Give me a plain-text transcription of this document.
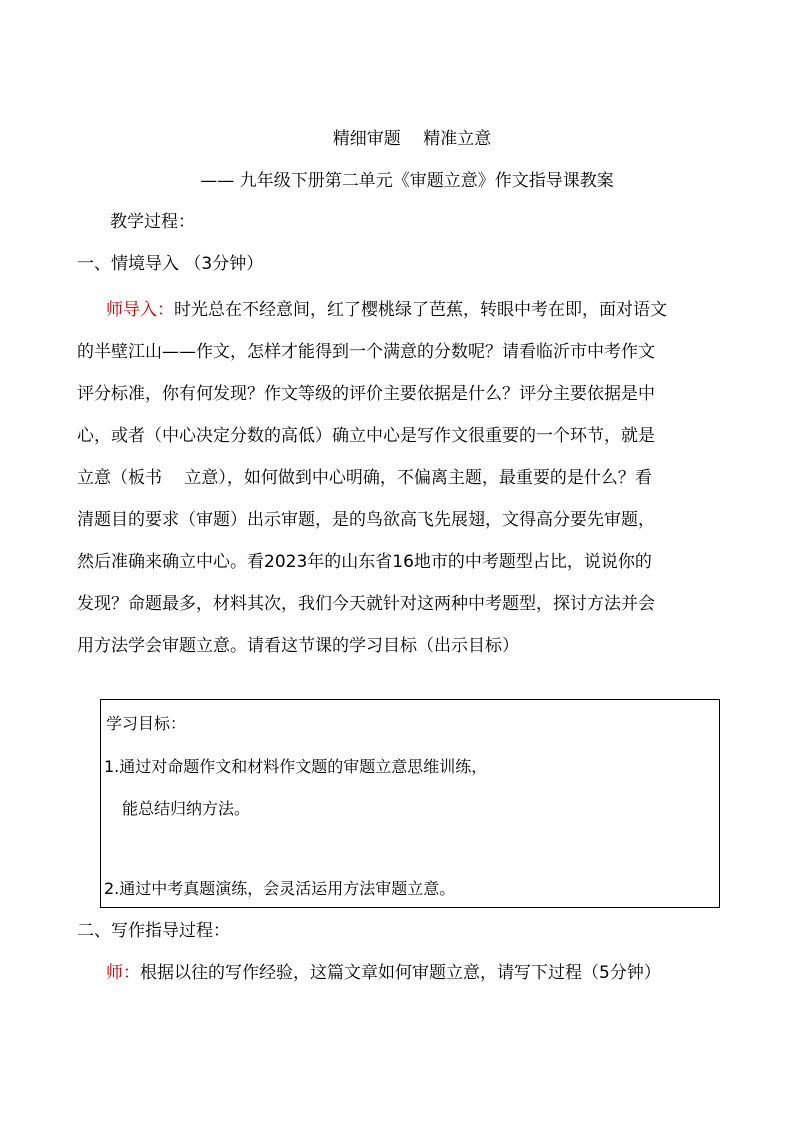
精细审题　 精准立意
—— 九年级下册第二单元《审题立意》作文指导课教案
教学过程：
一、情境导入 （3分钟）
师导入：时光总在不经意间，红了樱桃绿了芭蕉，转眼中考在即，面对语文
的半壁江山——作文，怎样才能得到一个满意的分数呢？请看临沂市中考作文
评分标准，你有何发现？作文等级的评价主要依据是什么？评分主要依据是中
心，或者（中心决定分数的高低）确立中心是写作文很重要的一个环节，就是
立意（板书　 立意），如何做到中心明确，不偏离主题，最重要的是什么？看
清题目的要求（审题）出示审题，是的鸟欲高飞先展翅，文得高分要先审题，
然后准确来确立中心。看2023年的山东省16地市的中考题型占比，说说你的
发现？命题最多，材料其次，我们今天就针对这两种中考题型，探讨方法并会
用方法学会审题立意。请看这节课的学习目标（出示目标）
学习目标：
1.通过对命题作文和材料作文题的审题立意思维训练，
能总结归纳方法。
2.通过中考真题演练，会灵活运用方法审题立意。
二、写作指导过程：
师：根据以往的写作经验，这篇文章如何审题立意，请写下过程（5分钟）
